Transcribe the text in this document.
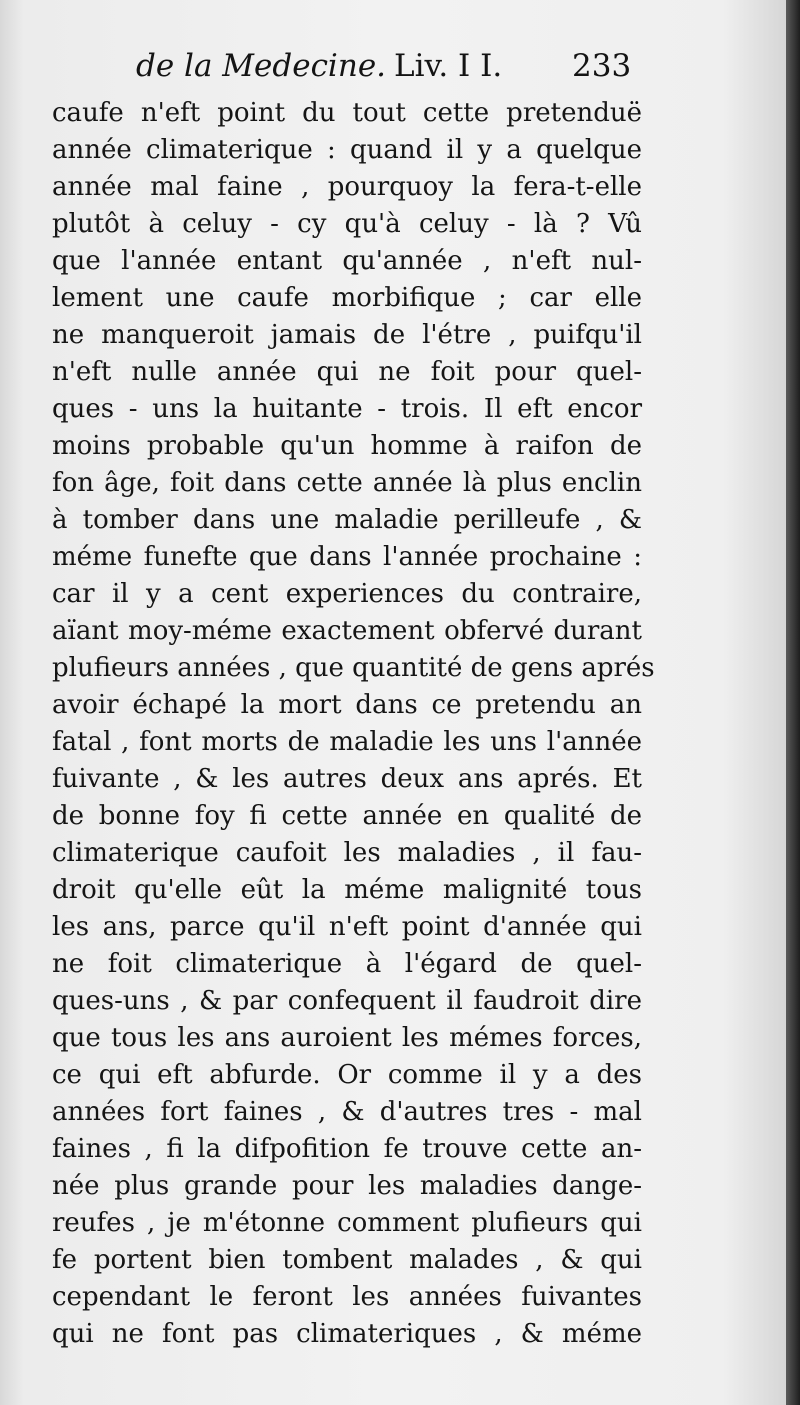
de la Medecine. Liv. I I. 233
caufe n'eft point du tout cette pretenduë
année climaterique : quand il y a quelque
année mal faine , pourquoy la fera-t-elle
plutôt à celuy - cy qu'à celuy - là ? Vû
que l'année entant qu'année , n'eft nul-
lement une caufe morbifique ; car elle
ne manqueroit jamais de l'étre , puifqu'il
n'eft nulle année qui ne foit pour quel-
ques - uns la huitante - trois. Il eft encor
moins probable qu'un homme à raifon de
fon âge, foit dans cette année là plus enclin
à tomber dans une maladie perilleufe , &
méme funefte que dans l'année prochaine :
car il y a cent experiences du contraire,
aïant moy-méme exactement obfervé durant
plufieurs années , que quantité de gens aprés
avoir échapé la mort dans ce pretendu an
fatal , font morts de maladie les uns l'année
fuivante , & les autres deux ans aprés. Et
de bonne foy fi cette année en qualité de
climaterique caufoit les maladies , il fau-
droit qu'elle eût la méme malignité tous
les ans, parce qu'il n'eft point d'année qui
ne foit climaterique à l'égard de quel-
ques-uns , & par confequent il faudroit dire
que tous les ans auroient les mémes forces,
ce qui eft abfurde. Or comme il y a des
années fort faines , & d'autres tres - mal
faines , fi la difpofition fe trouve cette an-
née plus grande pour les maladies dange-
reufes , je m'étonne comment plufieurs qui
fe portent bien tombent malades , & qui
cependant le feront les années fuivantes
qui ne font pas climateriques , & méme
